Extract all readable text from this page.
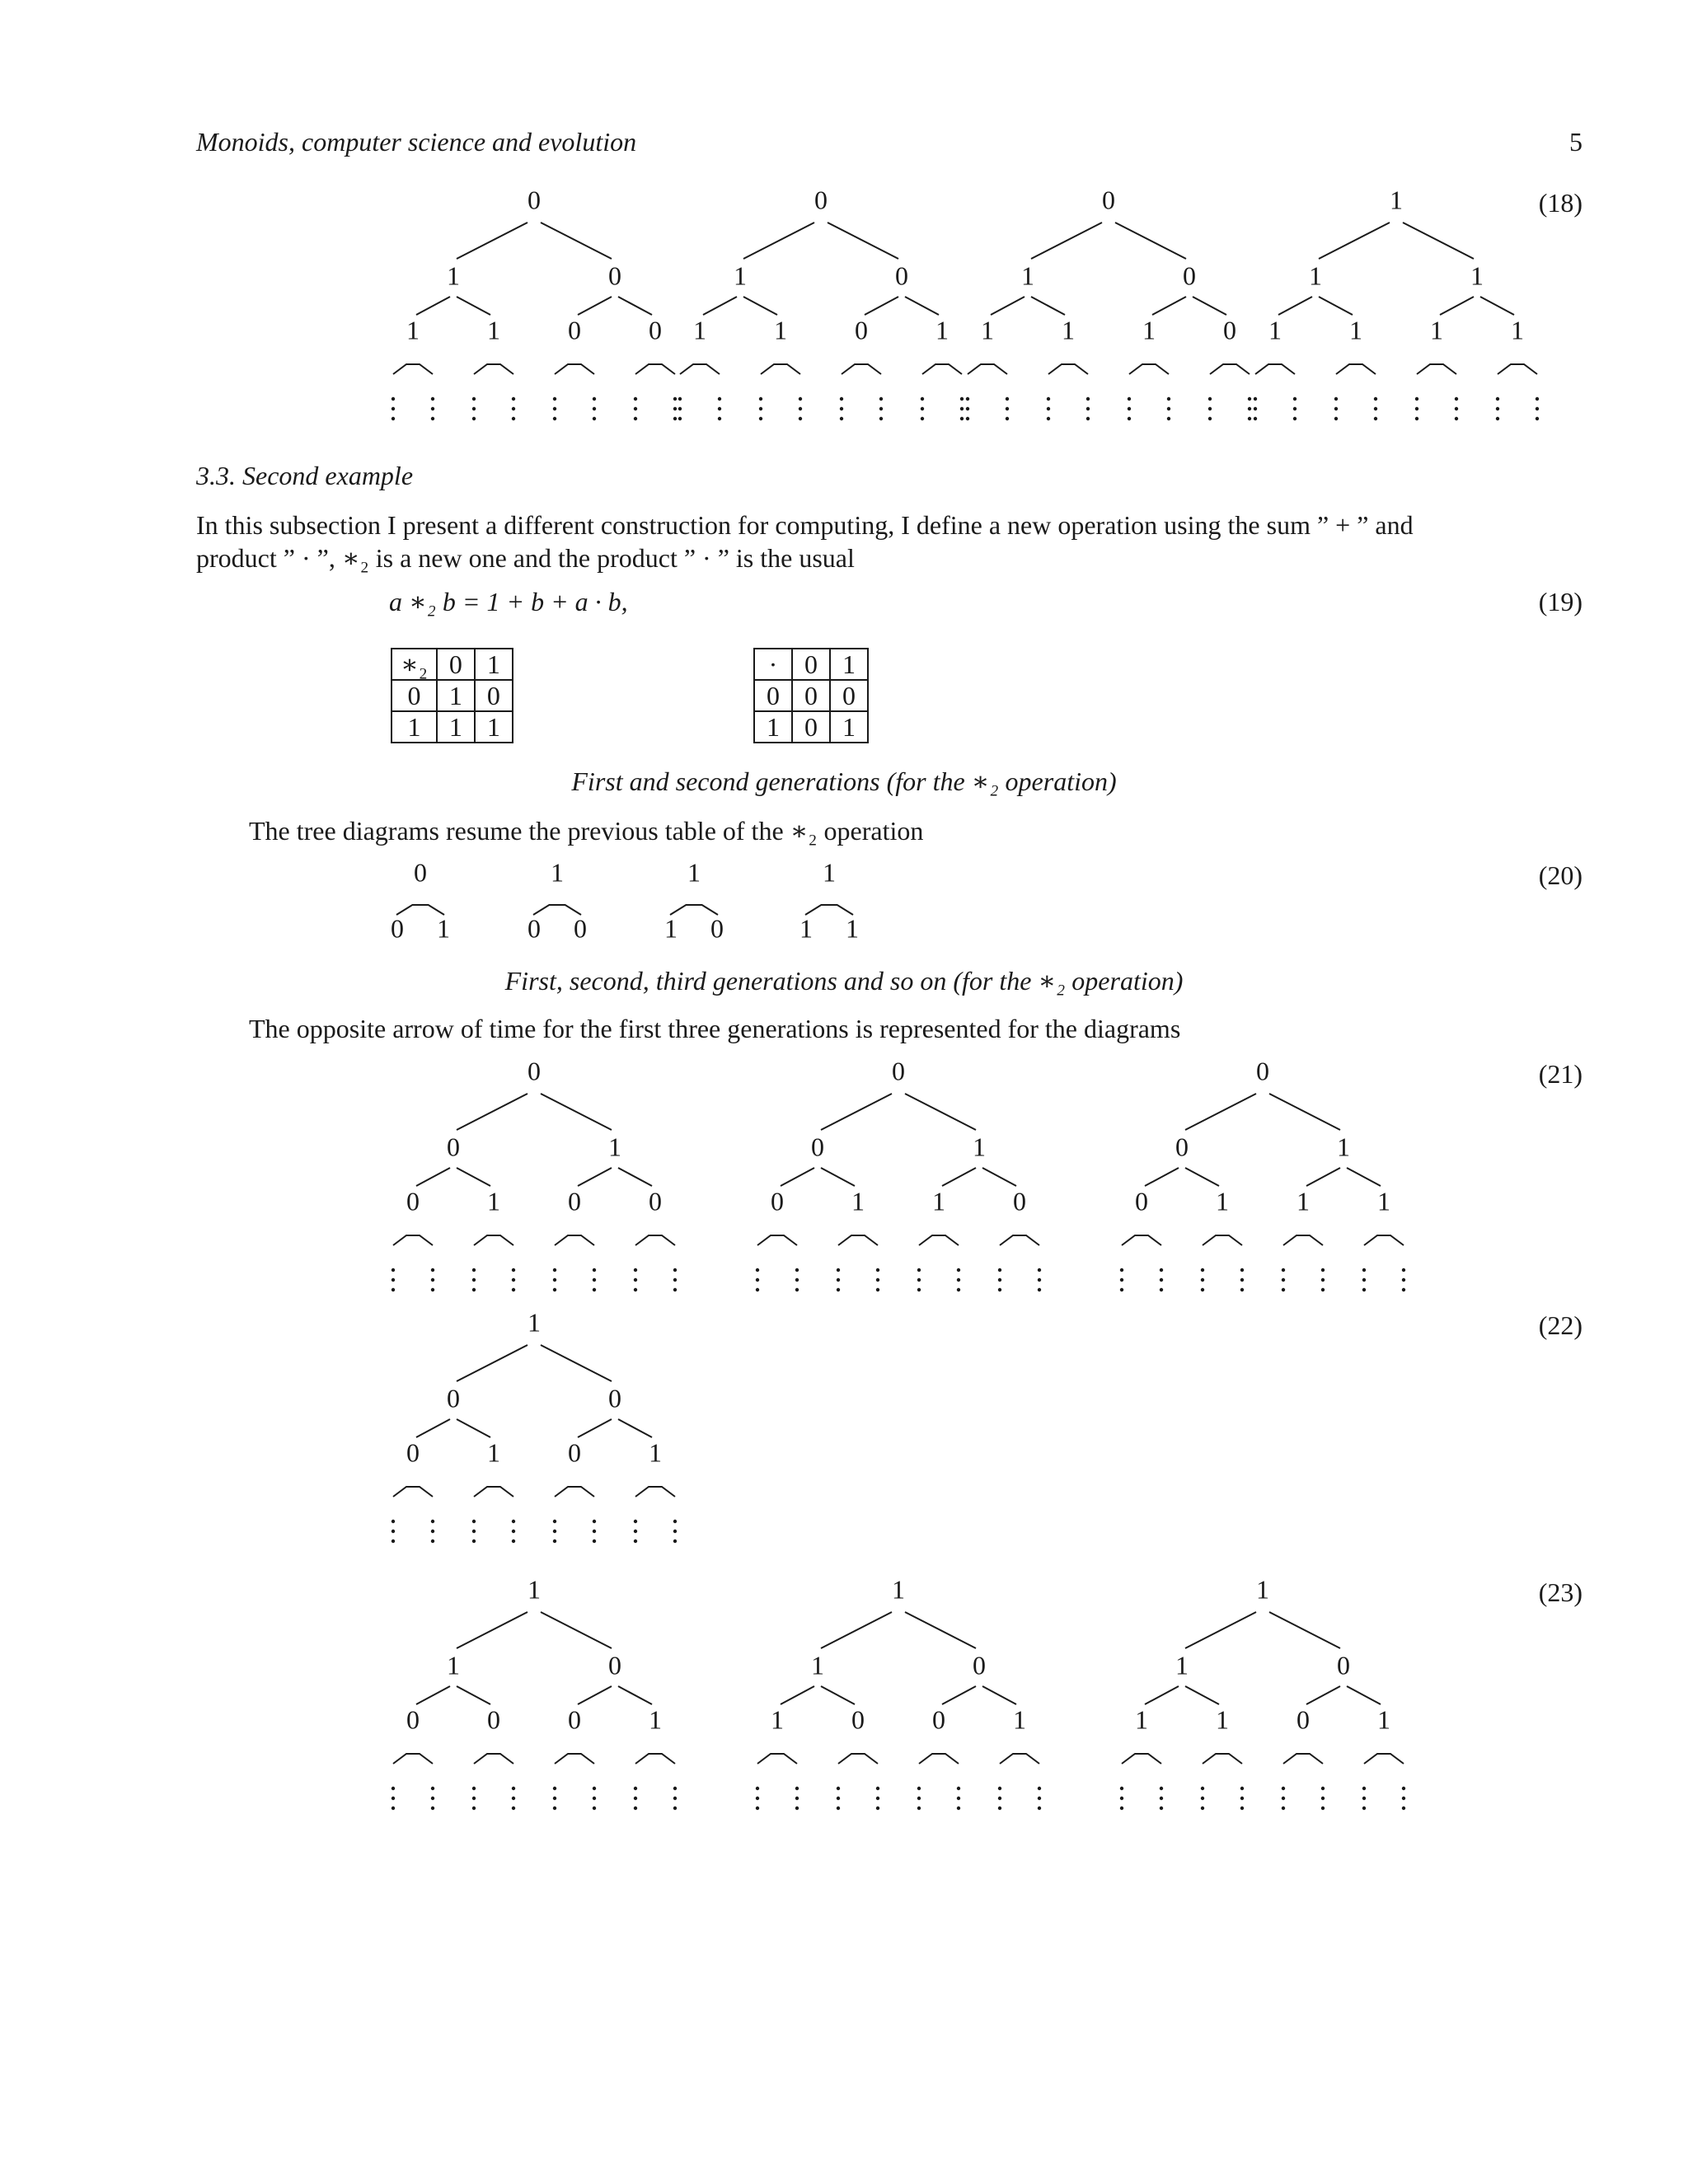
Monoids, computer science and evolution	5
(18)
0
1
1	1
0
0	0
0
1
1	1
0
0	1
0
1
1	1
0
1	0
1
1
1	1
1
1	1
0
0 1
1
0 0
1
1 0
1
1 1
0
0
0	1
1
0	0
0
0
0	1
1
1	0
0
0
0	1
1
1	1
1
0
0	1
0
0	1
1
1
0	0
0
0	1
1
1
1	0
0
0	1
1
1
1	1
0
0	1
3.3. Second example
In this subsection I present a different construction for computing, I define a new operation using the sum ” + ” and
product ” · ”, ∗₂ is a new one and the product ” · ” is the usual
a ∗₂ b = 1 + b + a · b,	(19)
∗₂	0	1
0	1	0
1	1	1
·	0	1
0	0	0
1	0	1
First and second generations (for the ∗₂ operation)
The tree diagrams resume the previous table of the ∗₂ operation
(20)
First, second, third generations and so on (for the ∗₂ operation)
The opposite arrow of time for the first three generations is represented for the diagrams
(21)
(22)
(23)
